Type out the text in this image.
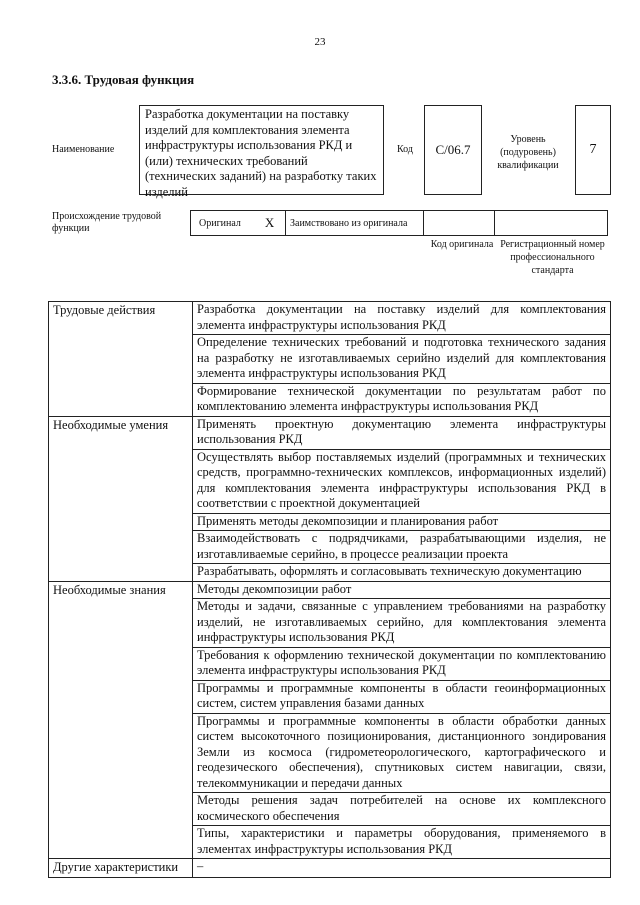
23
3.3.6. Трудовая функция
Наименование
Разработка документации на поставку изделий для комплектования элемента инфраструктуры использования РКД и (или) технических требований (технических заданий) на разработку таких изделий
Код	С/06.7
Уровень (подуровень) квалификации
7
Происхождение трудовой функции	Оригинал X Заимствовано из оригинала
Код оригинала Регистрационный номер профессионального стандарта
Трудовые действия	Разработка документации на поставку изделий для комплектования элемента инфраструктуры использования РКД
	Определение технических требований и подготовка технического задания на разработку не изготавливаемых серийно изделий для комплектования элемента инфраструктуры использования РКД
	Формирование технической документации по результатам работ по комплектованию элемента инфраструктуры использования РКД
Необходимые умения	Применять проектную документацию элемента инфраструктуры использования РКД
	Осуществлять выбор поставляемых изделий (программных и технических средств, программно-технических комплексов, информационных изделий) для комплектования элемента инфраструктуры использования РКД в соответствии с проектной документацией
	Применять методы декомпозиции и планирования работ
	Взаимодействовать с подрядчиками, разрабатывающими изделия, не изготавливаемые серийно, в процессе реализации проекта
	Разрабатывать, оформлять и согласовывать техническую документацию
Необходимые знания	Методы декомпозиции работ
	Методы и задачи, связанные с управлением требованиями на разработку изделий, не изготавливаемых серийно, для комплектования элемента инфраструктуры использования РКД
	Требования к оформлению технической документации по комплектованию элемента инфраструктуры использования РКД
	Программы и программные компоненты в области геоинформационных систем, систем управления базами данных
	Программы и программные компоненты в области обработки данных систем высокоточного позиционирования, дистанционного зондирования Земли из космоса (гидрометеорологического, картографического и геодезического обеспечения), спутниковых систем навигации, связи, телекоммуникации и передачи данных
	Методы решения задач потребителей на основе их комплексного космического обеспечения
	Типы, характеристики и параметры оборудования, применяемого в элементах инфраструктуры использования РКД
Другие характеристики	–
